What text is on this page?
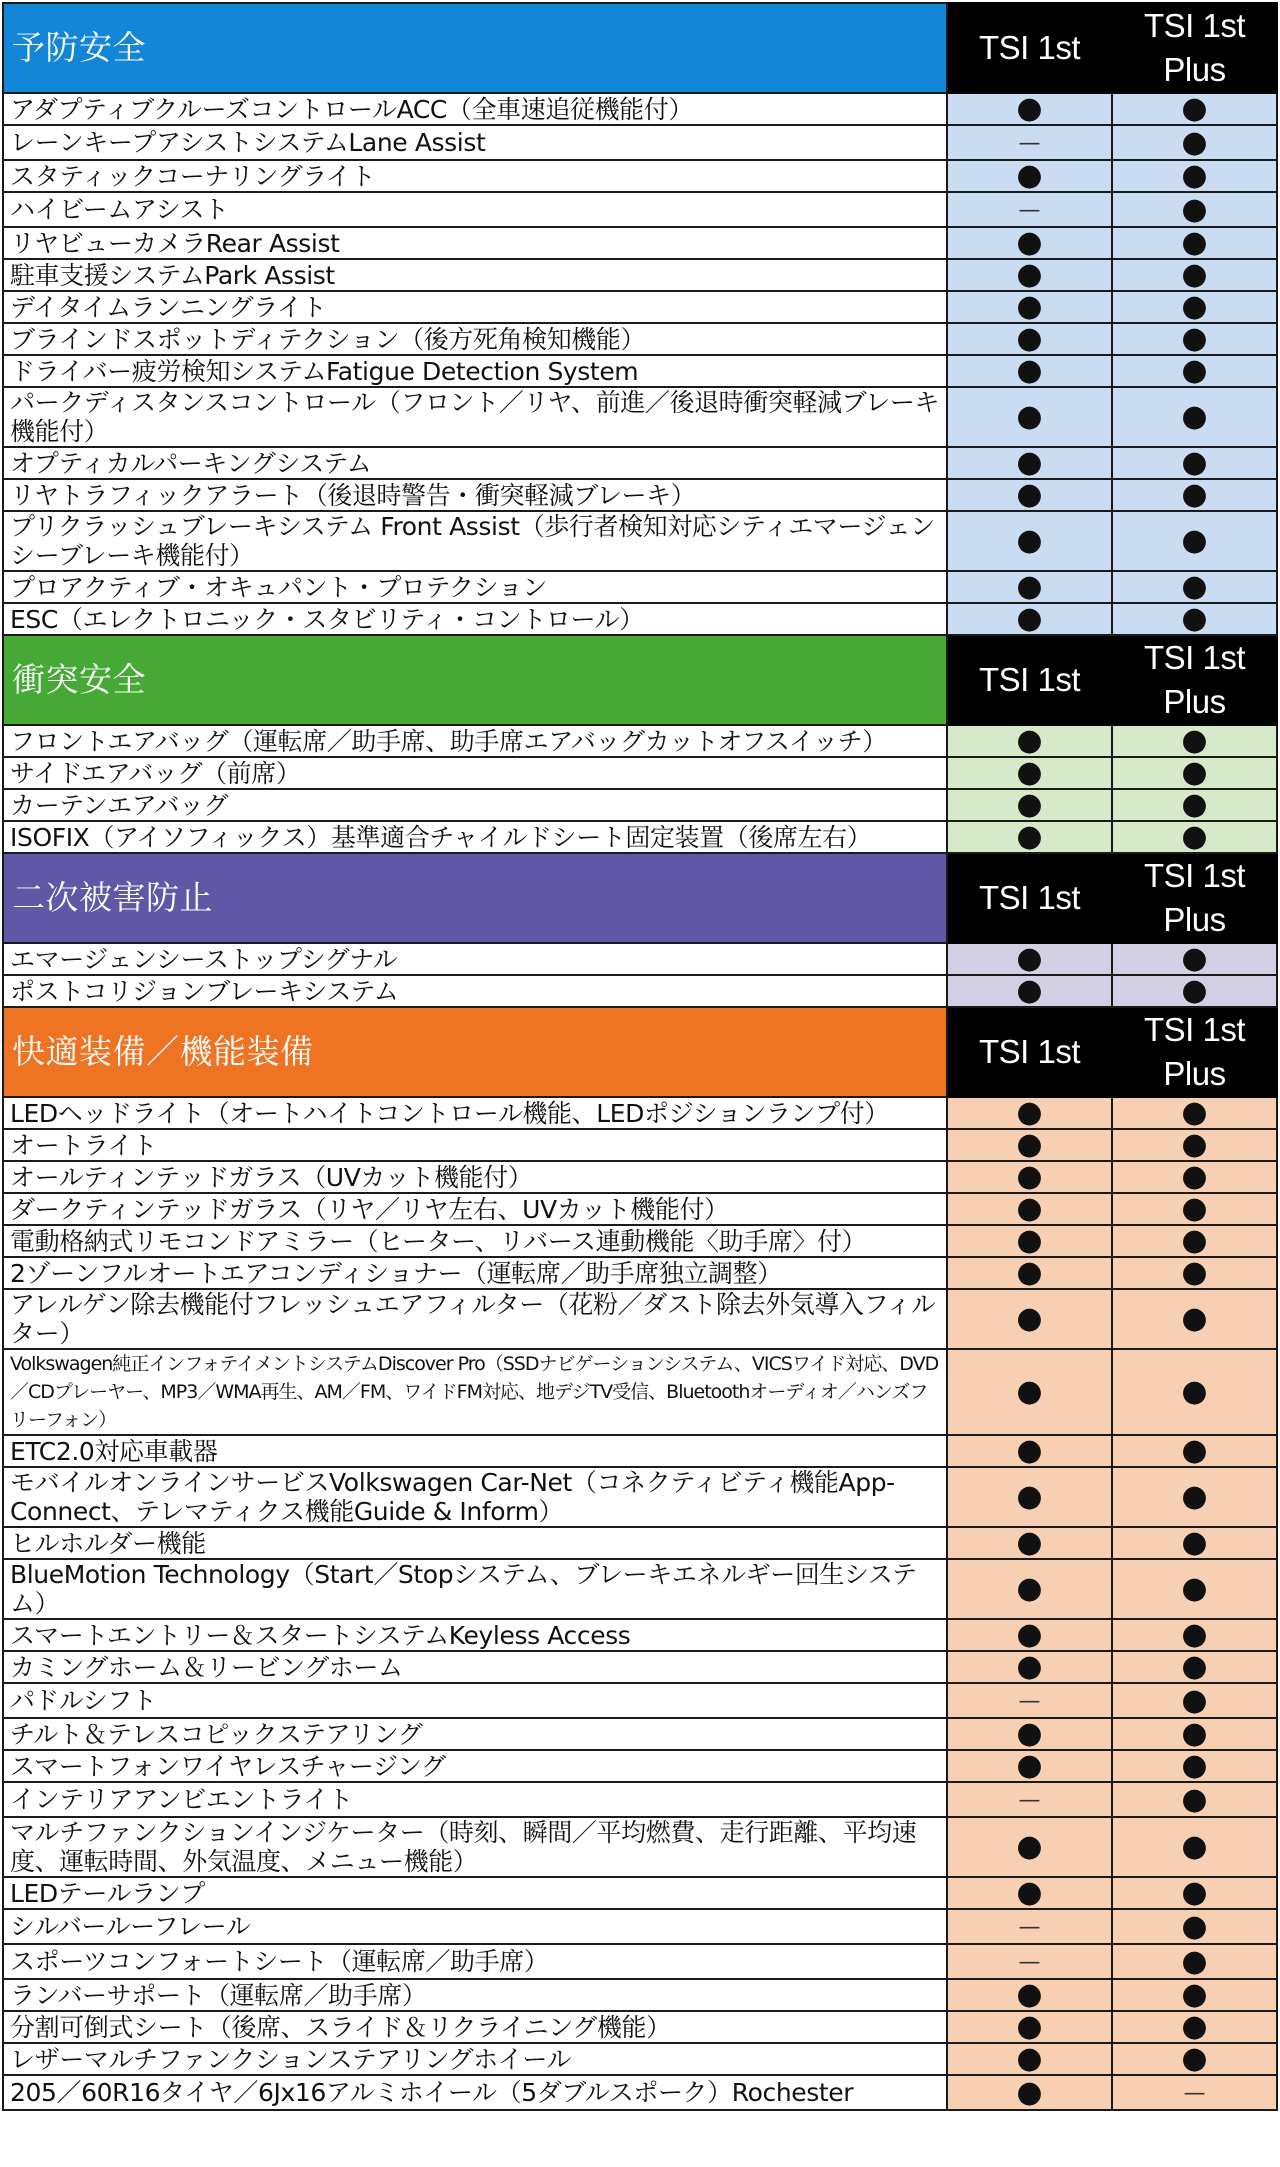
予防安全	TSI 1st	TSI 1st Plus
アダプティブクルーズコントロールACC（全車速追従機能付）	●	●
レーンキープアシストシステムLane Assist	—	●
スタティックコーナリングライト	●	●
ハイビームアシスト	—	●
リヤビューカメラRear Assist	●	●
駐車支援システムPark Assist	●	●
デイタイムランニングライト	●	●
ブラインドスポットディテクション（後方死角検知機能）	●	●
ドライバー疲労検知システムFatigue Detection System	●	●
パークディスタンスコントロール（フロント／リヤ、前進／後退時衝突軽減ブレーキ機能付）	●	●
オプティカルパーキングシステム	●	●
リヤトラフィックアラート（後退時警告・衝突軽減ブレーキ）	●	●
プリクラッシュブレーキシステム Front Assist（歩行者検知対応シティエマージェンシーブレーキ機能付）	●	●
プロアクティブ・オキュパント・プロテクション	●	●
ESC（エレクトロニック・スタビリティ・コントロール）	●	●
衝突安全	TSI 1st	TSI 1st Plus
フロントエアバッグ（運転席／助手席、助手席エアバッグカットオフスイッチ）	●	●
サイドエアバッグ（前席）	●	●
カーテンエアバッグ	●	●
ISOFIX（アイソフィックス）基準適合チャイルドシート固定装置（後席左右）	●	●
二次被害防止	TSI 1st	TSI 1st Plus
エマージェンシーストップシグナル	●	●
ポストコリジョンブレーキシステム	●	●
快適装備／機能装備	TSI 1st	TSI 1st Plus
LEDヘッドライト（オートハイトコントロール機能、LEDポジションランプ付）	●	●
オートライト	●	●
オールティンテッドガラス（UVカット機能付）	●	●
ダークティンテッドガラス（リヤ／リヤ左右、UVカット機能付）	●	●
電動格納式リモコンドアミラー（ヒーター、リバース連動機能〈助手席〉付）	●	●
2ゾーンフルオートエアコンディショナー（運転席／助手席独立調整）	●	●
アレルゲン除去機能付フレッシュエアフィルター（花粉／ダスト除去外気導入フィルター）	●	●
Volkswagen純正インフォテイメントシステムDiscover Pro（SSDナビゲーションシステム、VICSワイド対応、DVD／CDプレーヤー、MP3／WMA再生、AM／FM、ワイドFM対応、地デジTV受信、Bluetoothオーディオ／ハンズフリーフォン）	●	●
ETC2.0対応車載器	●	●
モバイルオンラインサービスVolkswagen Car-Net（コネクティビティ機能App-Connect、テレマティクス機能Guide & Inform）	●	●
ヒルホルダー機能	●	●
BlueMotion Technology（Start／Stopシステム、ブレーキエネルギー回生システム）	●	●
スマートエントリー＆スタートシステムKeyless Access	●	●
カミングホーム＆リービングホーム	●	●
パドルシフト	—	●
チルト＆テレスコピックステアリング	●	●
スマートフォンワイヤレスチャージング	●	●
インテリアアンビエントライト	—	●
マルチファンクションインジケーター（時刻、瞬間／平均燃費、走行距離、平均速度、運転時間、外気温度、メニュー機能）	●	●
LEDテールランプ	●	●
シルバールーフレール	—	●
スポーツコンフォートシート（運転席／助手席）	—	●
ランバーサポート（運転席／助手席）	●	●
分割可倒式シート（後席、スライド＆リクライニング機能）	●	●
レザーマルチファンクションステアリングホイール	●	●
205／60R16タイヤ／6Jx16アルミホイール（5ダブルスポーク）Rochester	●	—
